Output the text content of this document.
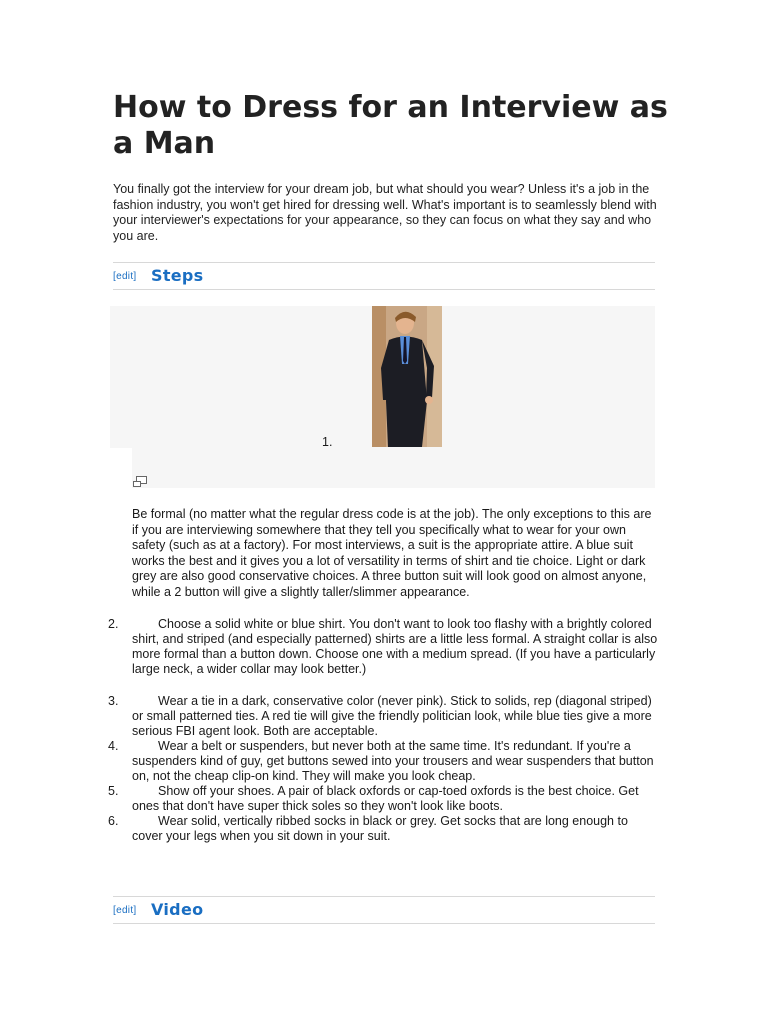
How to Dress for an Interview as a Man

You finally got the interview for your dream job, but what should you wear? Unless it's a job in the fashion industry, you won't get hired for dressing well. What's important is to seamlessly blend with your interviewer's expectations for your appearance, so they can focus on what they say and who you are.

[edit] Steps
1.

Be formal (no matter what the regular dress code is at the job). The only exceptions to this are if you are interviewing somewhere that they tell you specifically what to wear for your own safety (such as at a factory). For most interviews, a suit is the appropriate attire. A blue suit works the best and it gives you a lot of versatility in terms of shirt and tie choice. Light or dark grey are also good conservative choices. A three button suit will look good on almost anyone, while a 2 button will give a slightly taller/slimmer appearance.

2.	Choose a solid white or blue shirt. You don't want to look too flashy with a brightly colored shirt, and striped (and especially patterned) shirts are a little less formal. A straight collar is also more formal than a button down. Choose one with a medium spread. (If you have a particularly large neck, a wider collar may look better.)
3.	Wear a tie in a dark, conservative color (never pink). Stick to solids, rep (diagonal striped) or small patterned ties. A red tie will give the friendly politician look, while blue ties give a more serious FBI agent look. Both are acceptable.
4.	Wear a belt or suspenders, but never both at the same time. It's redundant. If you're a suspenders kind of guy, get buttons sewed into your trousers and wear suspenders that button on, not the cheap clip-on kind. They will make you look cheap.
5.	Show off your shoes. A pair of black oxfords or cap-toed oxfords is the best choice. Get ones that don't have super thick soles so they won't look like boots.
6.	Wear solid, vertically ribbed socks in black or grey. Get socks that are long enough to cover your legs when you sit down in your suit.
[edit] Video
